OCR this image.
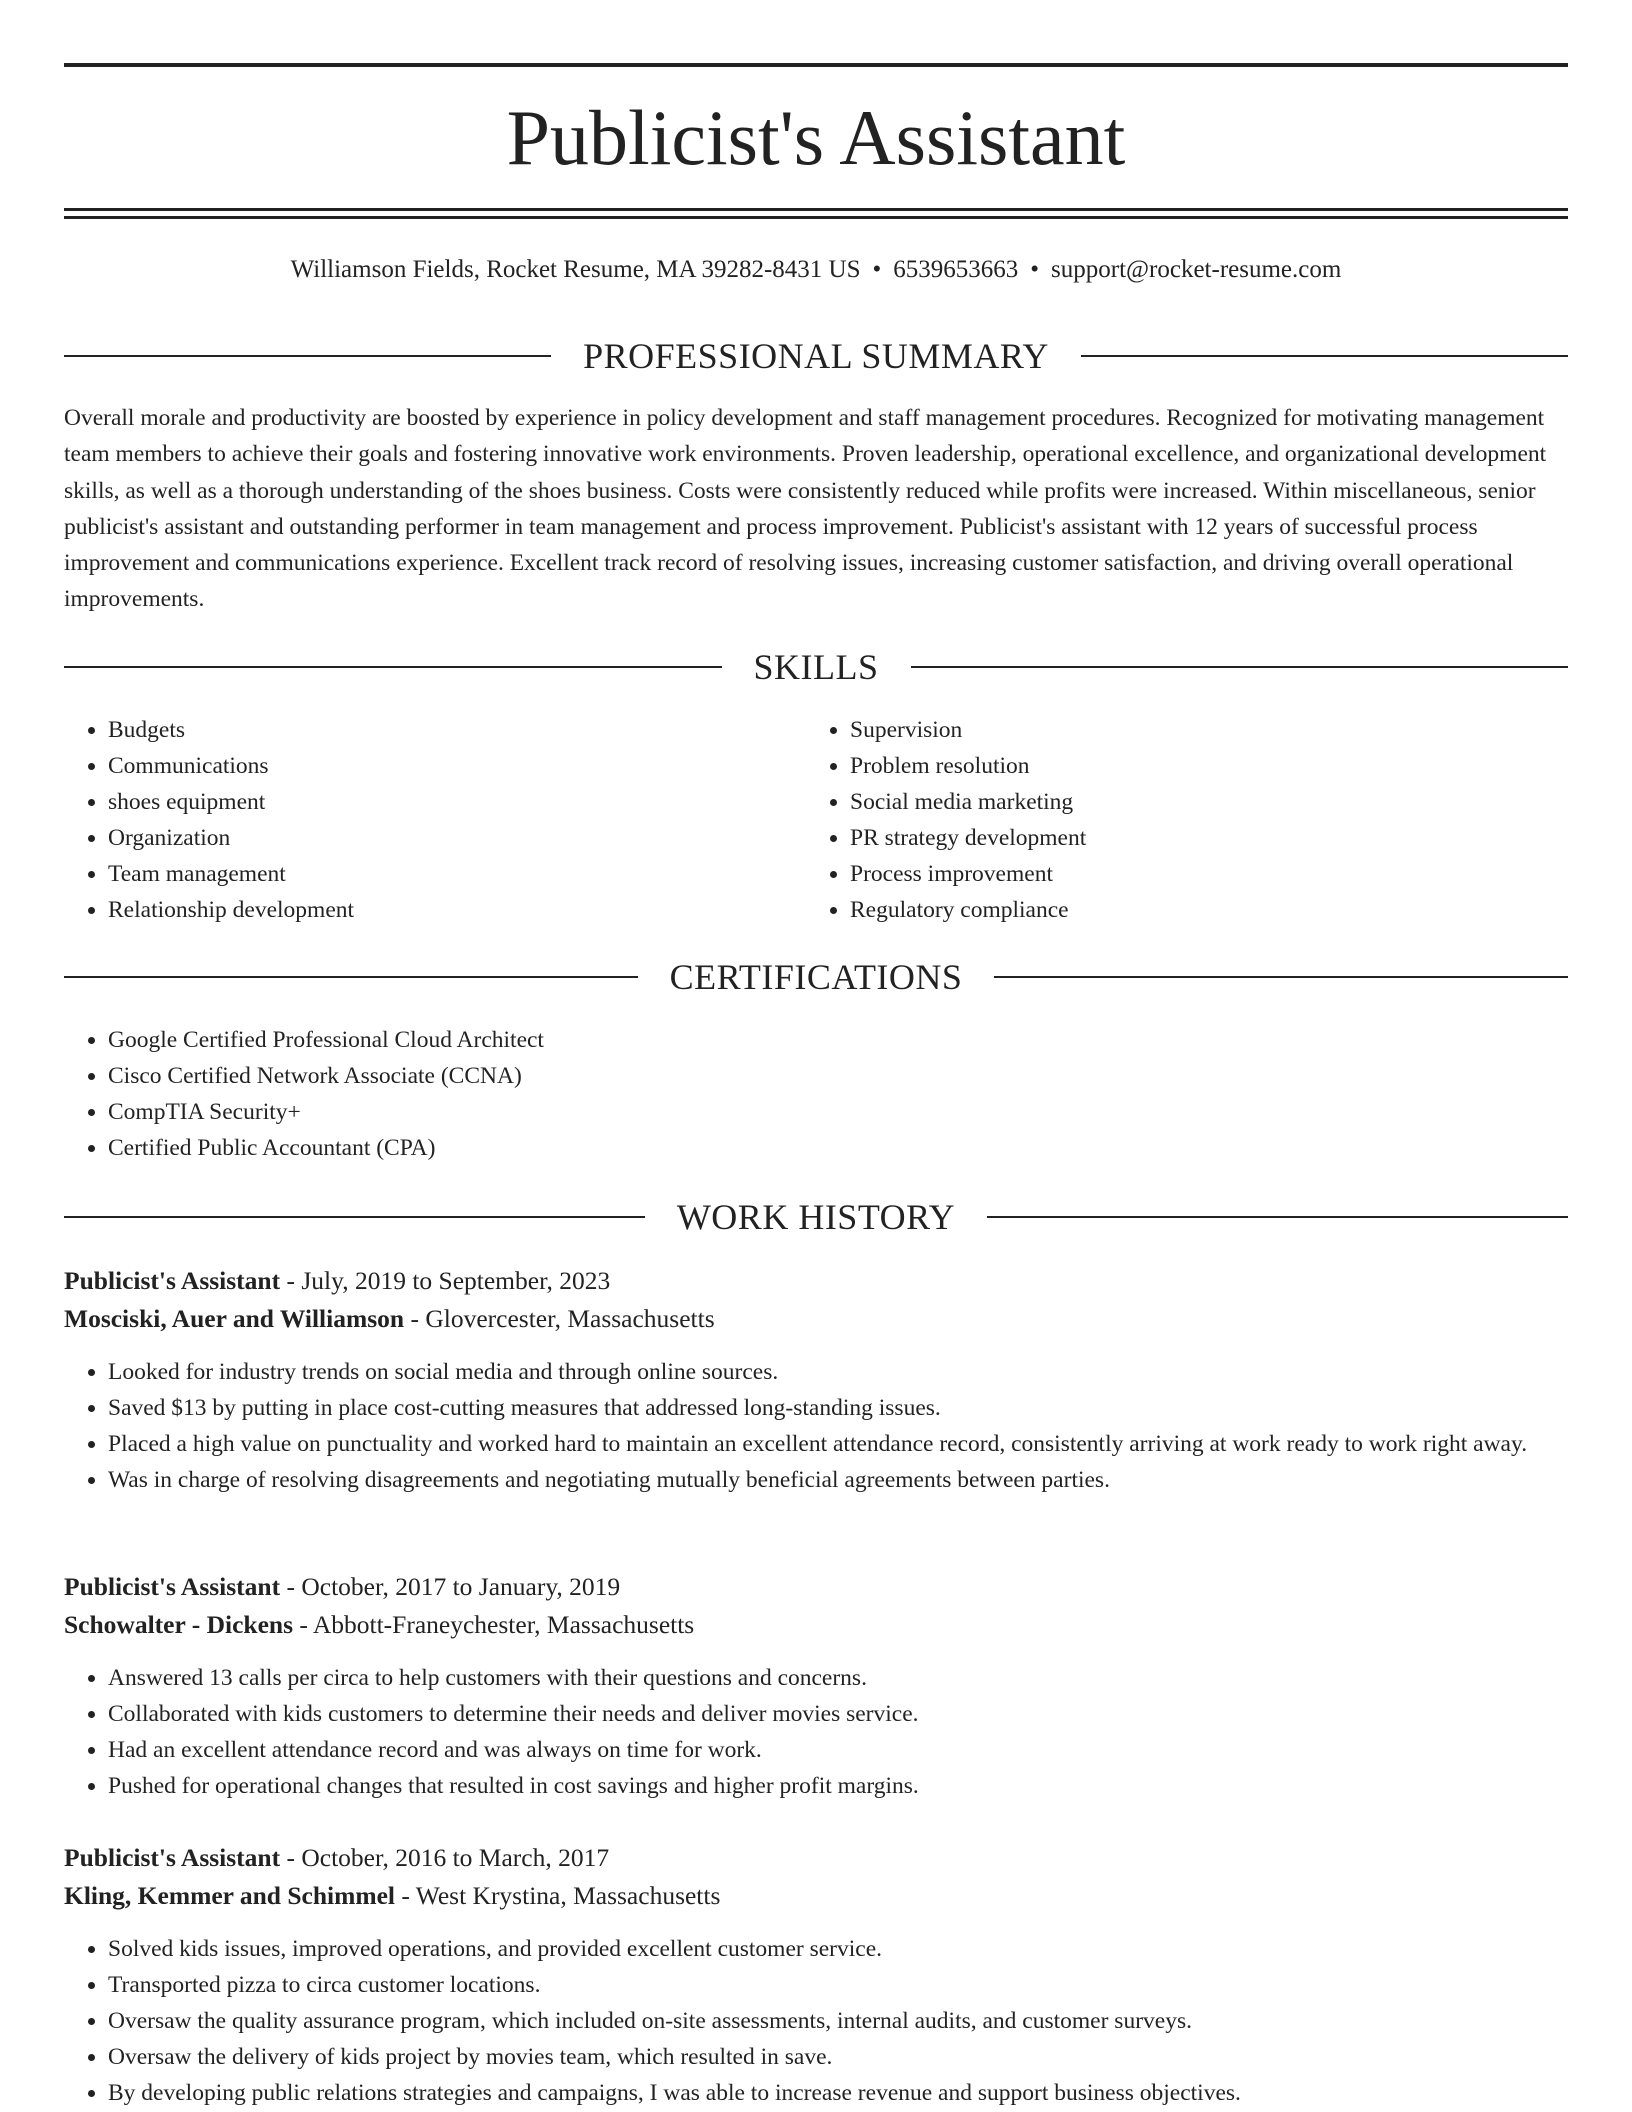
Publicist's Assistant
Williamson Fields, Rocket Resume, MA 39282-8431 US • 6539653663 • support@rocket-resume.com
PROFESSIONAL SUMMARY

Overall morale and productivity are boosted by experience in policy development and staff management procedures. Recognized for motivating management team members to achieve their goals and fostering innovative work environments. Proven leadership, operational excellence, and organizational development skills, as well as a thorough understanding of the shoes business. Costs were consistently reduced while profits were increased. Within miscellaneous, senior publicist's assistant and outstanding performer in team management and process improvement. Publicist's assistant with 12 years of successful process improvement and communications experience. Excellent track record of resolving issues, increasing customer satisfaction, and driving overall operational improvements.

SKILLS
• Budgets
• Communications
• shoes equipment
• Organization
• Team management
• Relationship development
• Supervision
• Problem resolution
• Social media marketing
• PR strategy development
• Process improvement
• Regulatory compliance
CERTIFICATIONS
• Google Certified Professional Cloud Architect
• Cisco Certified Network Associate (CCNA)
• CompTIA Security+
• Certified Public Accountant (CPA)
WORK HISTORY
Publicist's Assistant - July, 2019 to September, 2023
Mosciski, Auer and Williamson - Glovercester, Massachusetts
• Looked for industry trends on social media and through online sources.
• Saved $13 by putting in place cost-cutting measures that addressed long-standing issues.
• Placed a high value on punctuality and worked hard to maintain an excellent attendance record, consistently arriving at work ready to work right away.
• Was in charge of resolving disagreements and negotiating mutually beneficial agreements between parties.
Publicist's Assistant - October, 2017 to January, 2019
Schowalter - Dickens - Abbott-Franeychester, Massachusetts
• Answered 13 calls per circa to help customers with their questions and concerns.
• Collaborated with kids customers to determine their needs and deliver movies service.
• Had an excellent attendance record and was always on time for work.
• Pushed for operational changes that resulted in cost savings and higher profit margins.
Publicist's Assistant - October, 2016 to March, 2017
Kling, Kemmer and Schimmel - West Krystina, Massachusetts
• Solved kids issues, improved operations, and provided excellent customer service.
• Transported pizza to circa customer locations.
• Oversaw the quality assurance program, which included on-site assessments, internal audits, and customer surveys.
• Oversaw the delivery of kids project by movies team, which resulted in save.
• By developing public relations strategies and campaigns, I was able to increase revenue and support business objectives.
